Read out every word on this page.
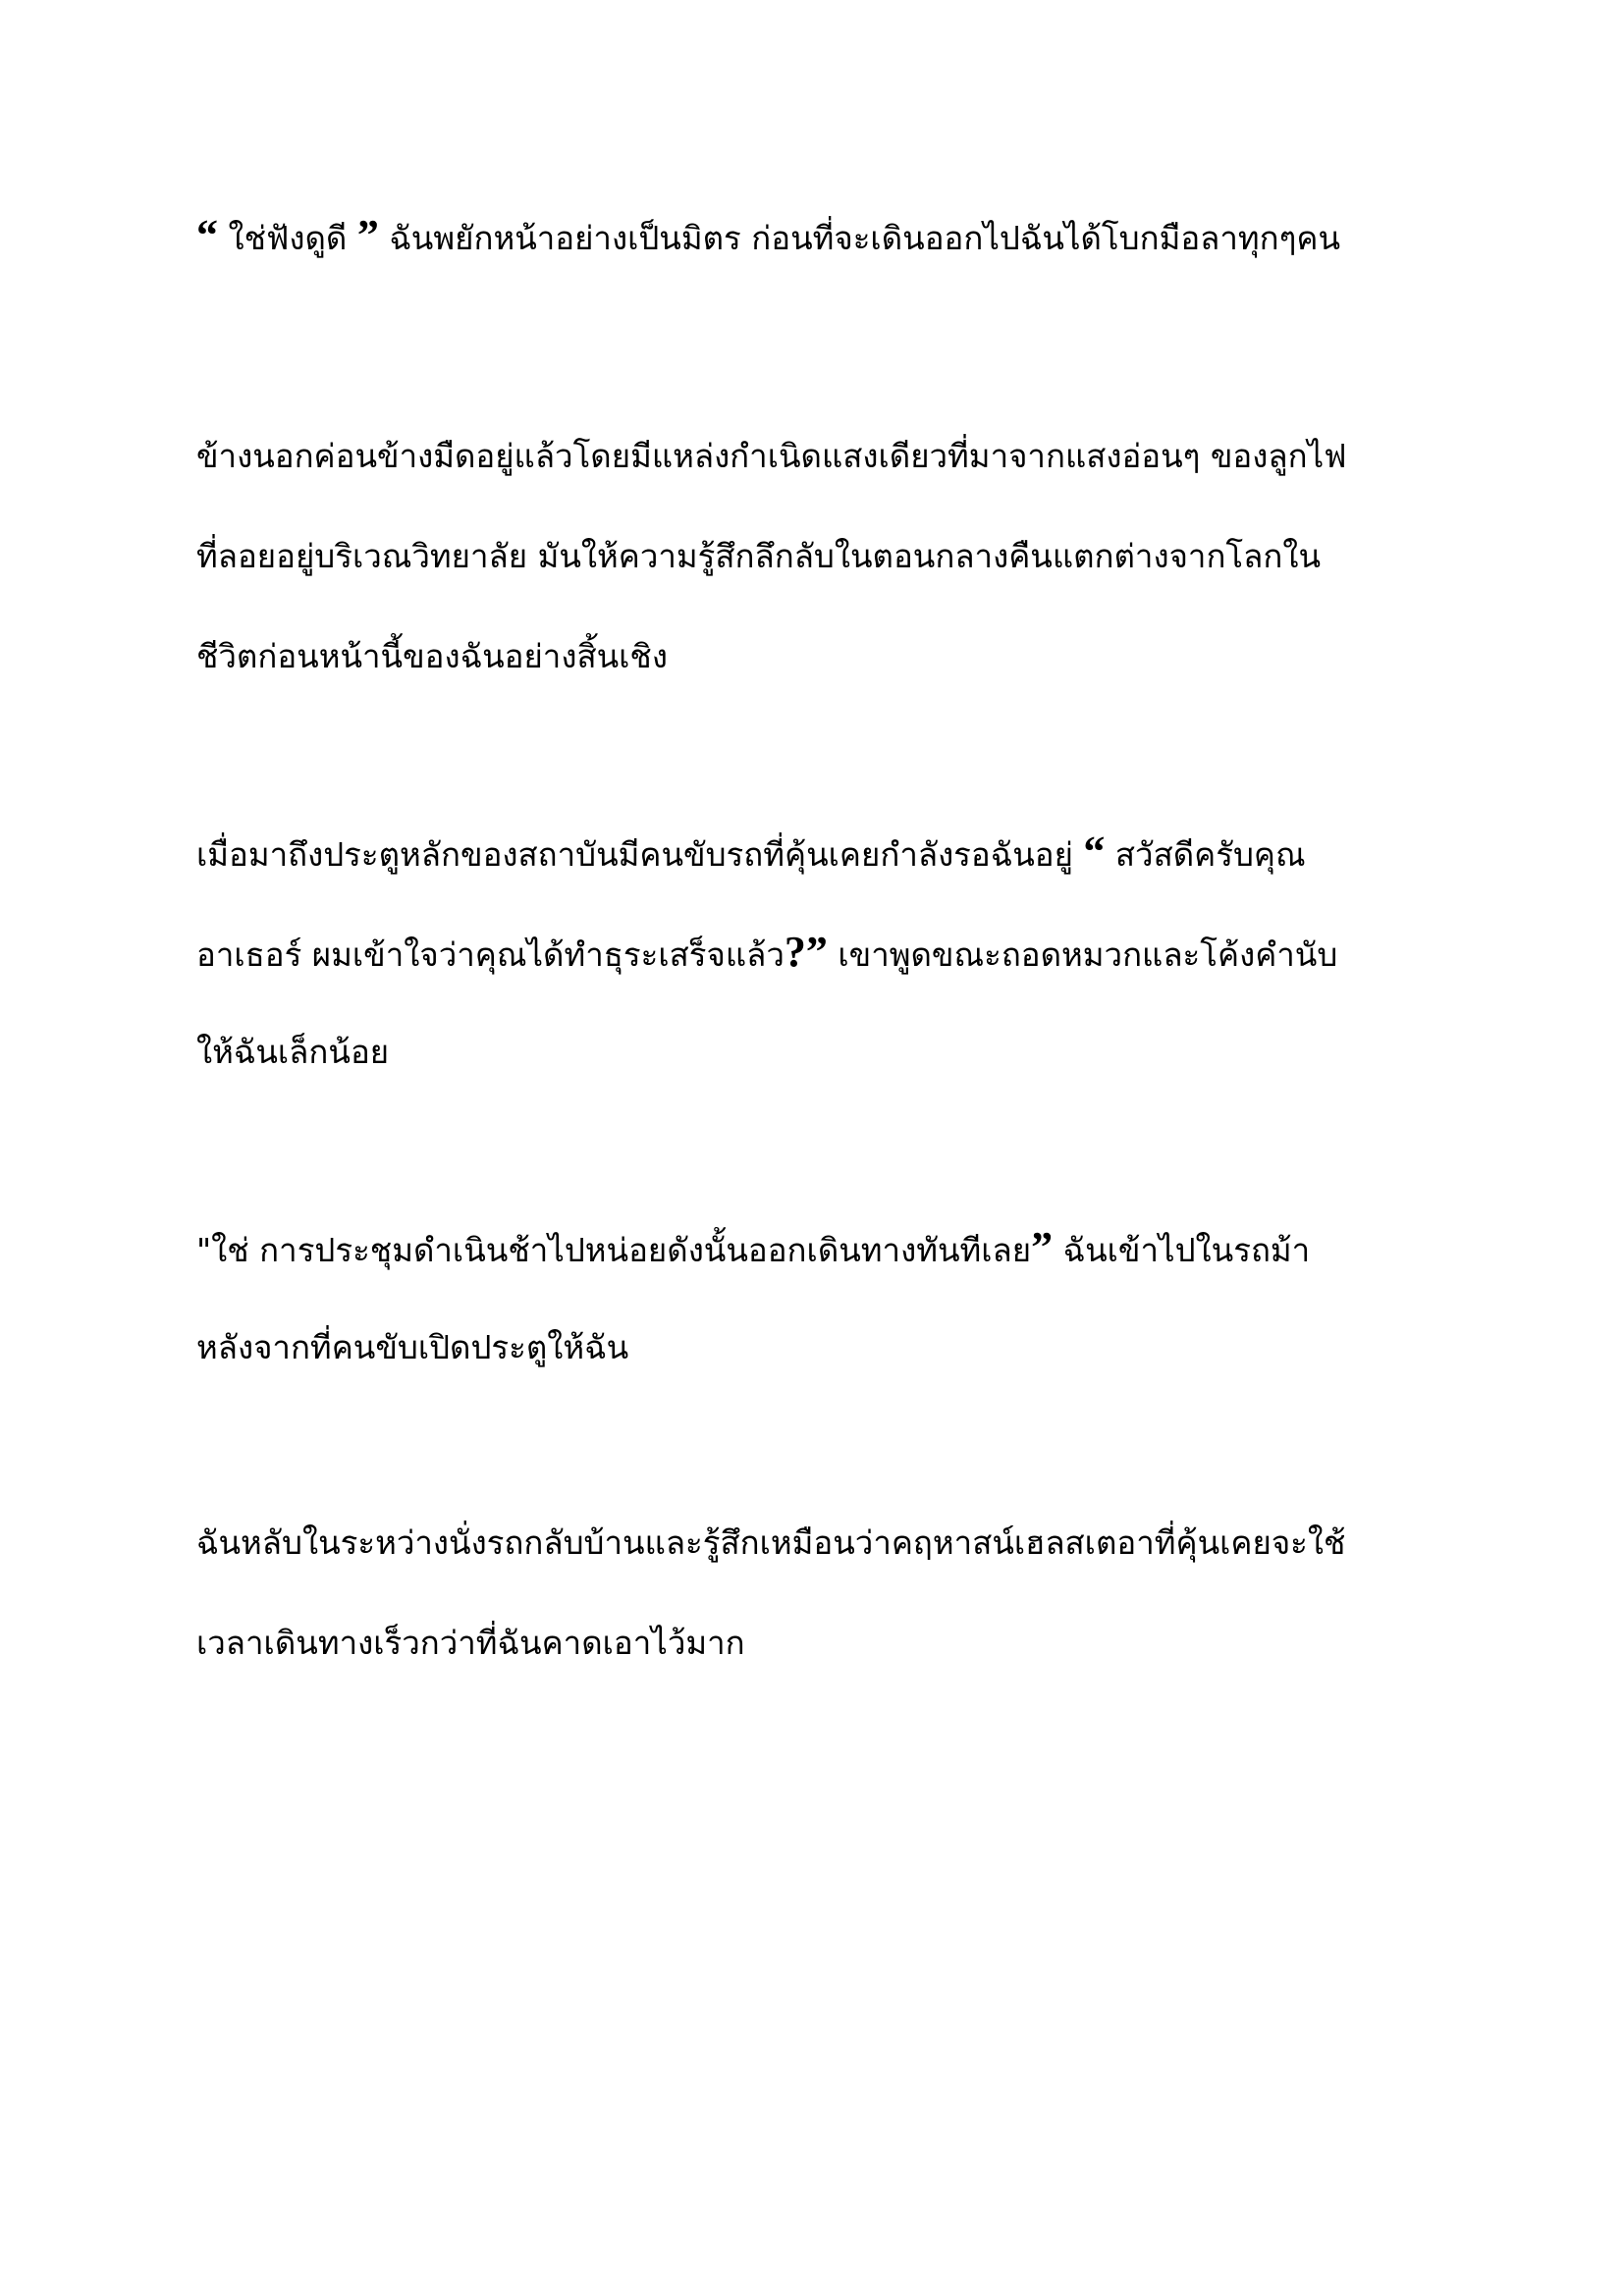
“ ใช่ฟังดูดี ” ฉันพยักหน้าอย่างเป็นมิตร ก่อนที่จะเดินออกไปฉันได้โบกมือลาทุกๆคน
ข้างนอกค่อนข้างมืดอยู่แล้วโดยมีแหล่งกำเนิดแสงเดียวที่มาจากแสงอ่อนๆ ของลูกไฟ
ที่ลอยอยู่บริเวณวิทยาลัย มันให้ความรู้สึกลึกลับในตอนกลางคืนแตกต่างจากโลกใน
ชีวิตก่อนหน้านี้ของฉันอย่างสิ้นเชิง
เมื่อมาถึงประตูหลักของสถาบันมีคนขับรถที่คุ้นเคยกำลังรอฉันอยู่ “ สวัสดีครับคุณ
อาเธอร์ ผมเข้าใจว่าคุณได้ทำธุระเสร็จแล้ว?” เขาพูดขณะถอดหมวกและโค้งคำนับ
ให้ฉันเล็กน้อย
"ใช่ การประชุมดำเนินช้าไปหน่อยดังนั้นออกเดินทางทันทีเลย” ฉันเข้าไปในรถม้า
หลังจากที่คนขับเปิดประตูให้ฉัน
ฉันหลับในระหว่างนั่งรถกลับบ้านและรู้สึกเหมือนว่าคฤหาสน์เฮลสเตอาที่คุ้นเคยจะใช้
เวลาเดินทางเร็วกว่าที่ฉันคาดเอาไว้มาก
